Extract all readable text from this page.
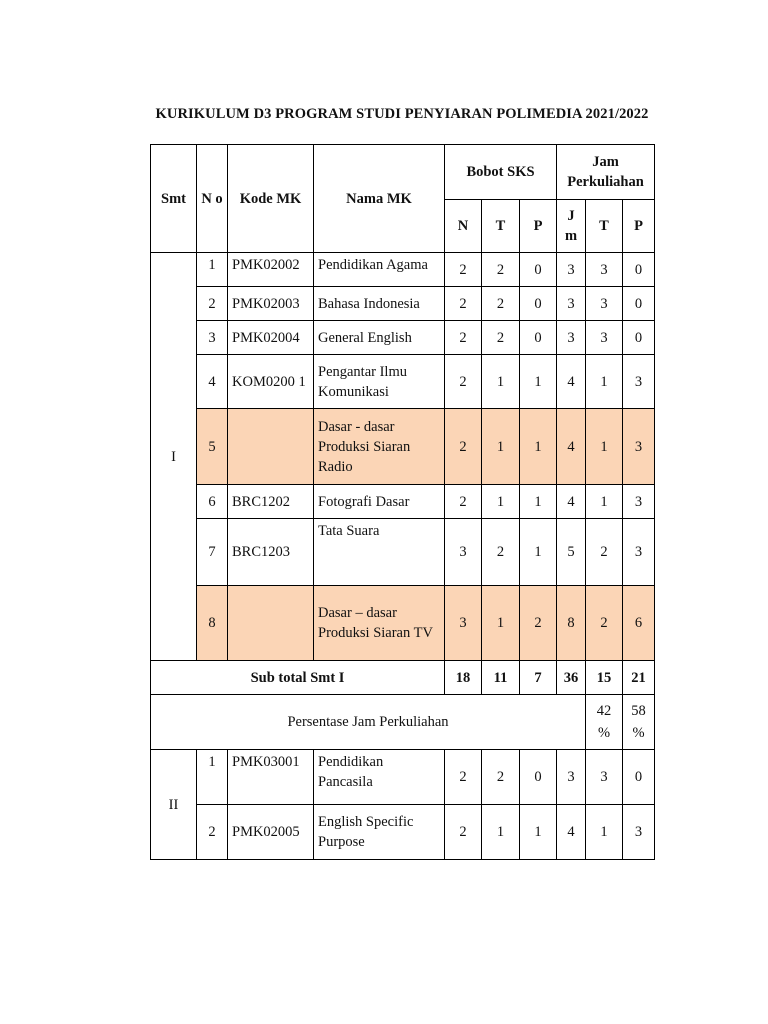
KURIKULUM D3 PROGRAM STUDI PENYIARAN POLIMEDIA 2021/2022
Smt	N o	Kode MK	Nama MK	Bobot SKS			Jam Perkuliahan		
				N	T	P	J m	T	P
I	1	PMK02002	Pendidikan Agama	2	2	0	3	3	0
	2	PMK02003	Bahasa Indonesia	2	2	0	3	3	0
	3	PMK02004	General English	2	2	0	3	3	0
	4	KOM0200 1	Pengantar Ilmu Komunikasi	2	1	1	4	1	3
	5		Dasar - dasar Produksi Siaran Radio	2	1	1	4	1	3
	6	BRC1202	Fotografi Dasar	2	1	1	4	1	3
	7	BRC1203	Tata Suara	3	2	1	5	2	3
	8		Dasar – dasar Produksi Siaran TV	3	1	2	8	2	6
Sub total Smt I				18	11	7	36	15	21
Persentase Jam Perkuliahan								42 %	58 %
II	1	PMK03001	Pendidikan Pancasila	2	2	0	3	3	0
	2	PMK02005	English Specific Purpose	2	1	1	4	1	3
